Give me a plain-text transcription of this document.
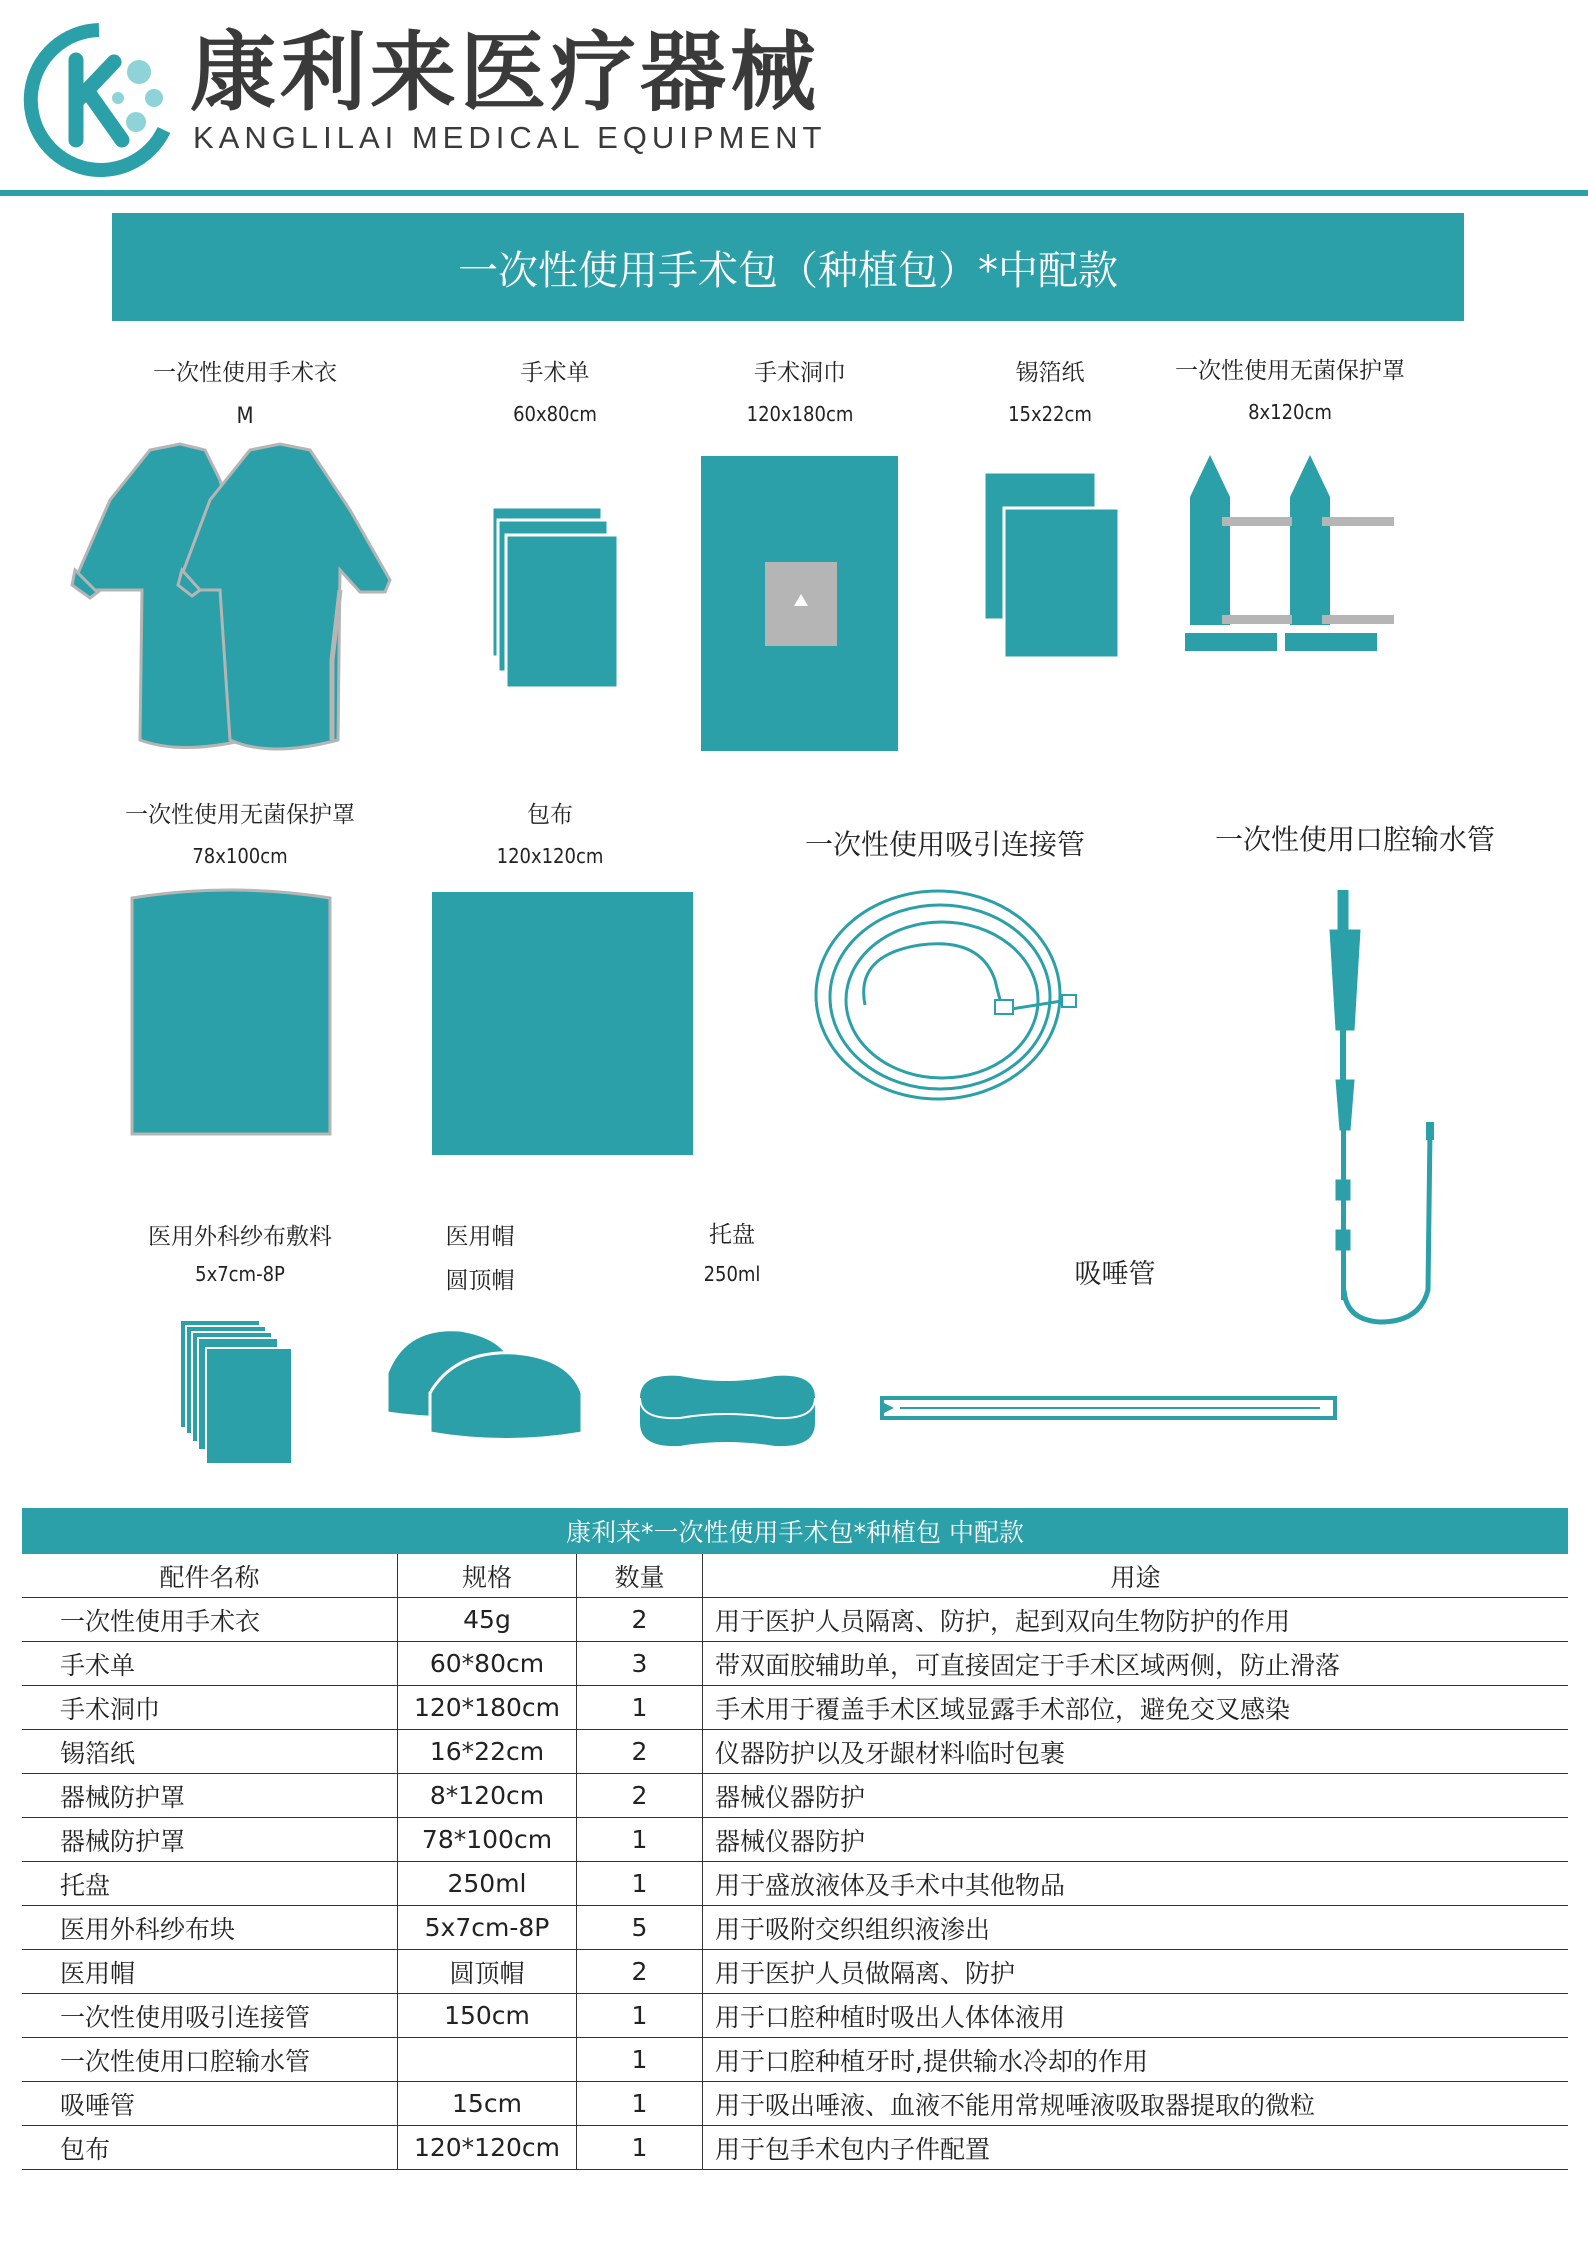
康利来医疗器械
KANGLILAI MEDICAL EQUIPMENT
一次性使用手术包（种植包）*中配款
一次性使用手术衣
M
手术单
60x80cm
手术洞巾
120x180cm
锡箔纸
15x22cm
一次性使用无菌保护罩
8x120cm
一次性使用无菌保护罩
78x100cm
包布
120x120cm	一次性使用吸引连接管	一次性使用口腔输水管
医用外科纱布敷料
5x7cm-8P
医用帽
圆顶帽
托盘
250ml	吸唾管
康利来*一次性使用手术包*种植包 中配款
配件名称	规格	数量	用途
一次性使用手术衣	45g	2	用于医护人员隔离、防护，起到双向生物防护的作用
手术单	60*80cm	3	带双面胶辅助单，可直接固定于手术区域两侧，防止滑落
手术洞巾	120*180cm	1	手术用于覆盖手术区域显露手术部位，避免交叉感染
锡箔纸	16*22cm	2	仪器防护以及牙龈材料临时包裹
器械防护罩	8*120cm	2	器械仪器防护
器械防护罩	78*100cm	1	器械仪器防护
托盘	250ml	1	用于盛放液体及手术中其他物品
医用外科纱布块	5x7cm-8P	5	用于吸附交织组织液渗出
医用帽	圆顶帽	2	用于医护人员做隔离、防护
一次性使用吸引连接管	150cm	1	用于口腔种植时吸出人体体液用
一次性使用口腔输水管		1	用于口腔种植牙时,提供输水冷却的作用
吸唾管	15cm	1	用于吸出唾液、血液不能用常规唾液吸取器提取的微粒
包布	120*120cm	1	用于包手术包内子件配置
